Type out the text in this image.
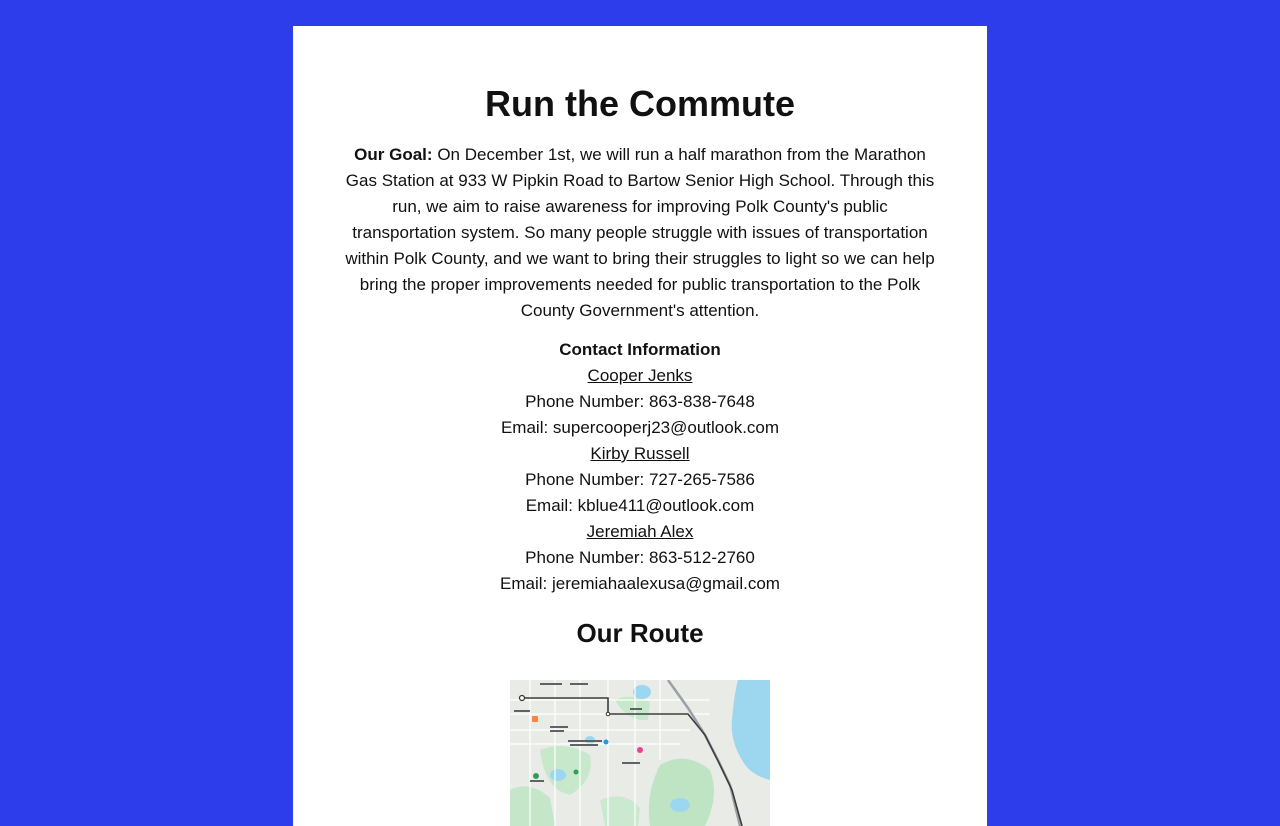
Run the Commute

Our Goal: On December 1st, we will run a half marathon from the Marathon Gas Station at 933 W Pipkin Road to Bartow Senior High School. Through this run, we aim to raise awareness for improving Polk County's public transportation system. So many people struggle with issues of transportation within Polk County, and we want to bring their struggles to light so we can help bring the proper improvements needed for public transportation to the Polk County Government's attention.

Contact Information
Cooper Jenks
Phone Number: 863-838-7648
Email: supercooperj23@outlook.com
Kirby Russell
Phone Number: 727-265-7586
Email: kblue411@outlook.com
Jeremiah Alex
Phone Number: 863-512-2760
Email: jeremiahaalexusa@gmail.com
Our Route
